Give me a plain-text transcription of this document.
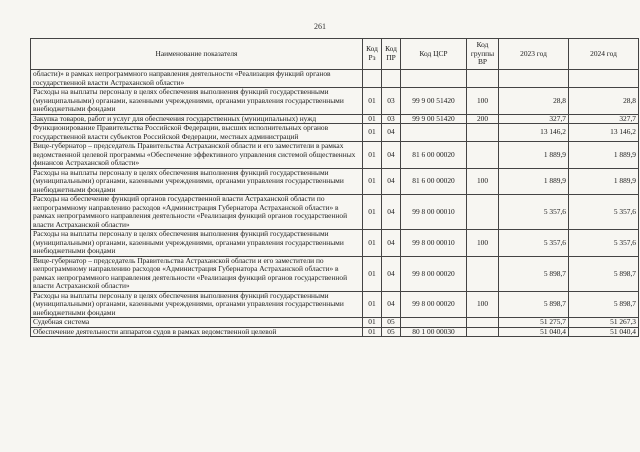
261
Наименование показателя	Код Рз	Код ПР	Код ЦСР	Код группы ВР	2023 год	2024 год
области)» в рамках непрограммного направления деятельности «Реализация функций органов государственной власти Астраханской области»						
Расходы на выплаты персоналу в целях обеспечения выполнения функций государственными (муниципальными) органами, казенными учреждениями, органами управления государственными внебюджетными фондами	01	03	99 9 00 51420	100	28,8	28,8
Закупка товаров, работ и услуг для обеспечения государственных (муниципальных) нужд	01	03	99 9 00 51420	200	327,7	327,7
Функционирование Правительства Российской Федерации, высших исполнительных органов государственной власти субъектов Российской Федерации, местных администраций	01	04			13 146,2	13 146,2
Вице-губернатор – председатель Правительства Астраханской области и его заместители в рамках ведомственной целевой программы «Обеспечение эффективного управления системой общественных финансов Астраханской области»	01	04	81 6 00 00020		1 889,9	1 889,9
Расходы на выплаты персоналу в целях обеспечения выполнения функций государственными (муниципальными) органами, казенными учреждениями, органами управления государственными внебюджетными фондами	01	04	81 6 00 00020	100	1 889,9	1 889,9
Расходы на обеспечение функций органов государственной власти Астраханской области по непрограммному направлению расходов «Администрация Губернатора Астраханской области» в рамках непрограммного направления деятельности «Реализация функций органов государственной власти Астраханской области»	01	04	99 8 00 00010		5 357,6	5 357,6
Расходы на выплаты персоналу в целях обеспечения выполнения функций государственными (муниципальными) органами, казенными учреждениями, органами управления государственными внебюджетными фондами	01	04	99 8 00 00010	100	5 357,6	5 357,6
Вице-губернатор – председатель Правительства Астраханской области и его заместители по непрограммному направлению расходов «Администрация Губернатора Астраханской области» в рамках непрограммного направления деятельности «Реализация функций органов государственной власти Астраханской области»	01	04	99 8 00 00020		5 898,7	5 898,7
Расходы на выплаты персоналу в целях обеспечения выполнения функций государственными (муниципальными) органами, казенными учреждениями, органами управления государственными внебюджетными фондами	01	04	99 8 00 00020	100	5 898,7	5 898,7
Судебная система	01	05			51 275,7	51 267,3
Обеспечение деятельности аппаратов судов в рамках ведомственной целевой	01	05	80 1 00 00030		51 040,4	51 040,4
